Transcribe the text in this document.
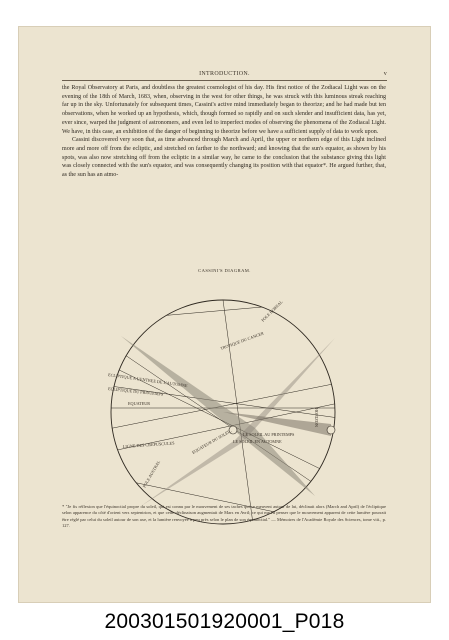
INTRODUCTION.	v

the Royal Observatory at Paris, and doubtless the greatest cosmologist of his day. His first notice of the Zodiacal Light was on the evening of the 18th of March, 1683, when, observing in the west for other things, he was struck with this luminous streak reaching far up in the sky. Unfortunately for subsequent times, Cassini's active mind immediately began to theorize; and he had made but ten observations, when he worked up an hypothesis, which, though formed so rapidly and on such slender and insufficient data, has yet, ever since, warped the judgment of astronomers, and even led to imperfect modes of observing the phenomena of the Zodiacal Light. We have, in this case, an exhibition of the danger of beginning to theorize before we have a sufficient supply of data to work upon.

Cassini discovered very soon that, as time advanced through March and April, the upper or northern edge of this Light inclined more and more off from the ecliptic, and stretched on farther to the northward; and knowing that the sun's equator, as shown by his spots, was also now stretching off from the ecliptic in a similar way, he came to the conclusion that the substance giving this light was closely connected with the sun's equator, and was consequently changing its position with that equator*. He argued further, that, as the sun has an atmo-

CASSINI'S DIAGRAM.
POLE BOREAL
TROPIQUE DU CANCER
ECLIPTIQUE A L'ENTREE DE L'AUTOMNE
ECLIPTIQUE DU PRINTEMPS
EQUATEUR
HORIZON
LE SOLEIL AU PRINTEMPS
LE SOLEIL EN AUTOMNE
LIGNE DES CREPUSCULES	EQUATEUR DU SOLEIL
POLE AUSTRAL

* "Je fis réflexion que l'équinoctial propre du soleil, qui est connu par le mouvement de ses taches qui se meuvent autour de lui, déclinait alors (March and April) de l'écliptique selon apparence du côté d'orient vers septentrion, et que cette déclinaison augmentait de Mars en Avril; ce qui me fit penser que le mouvement apparent de cette lumière pourrait être réglé par celui du soleil autour de son axe, et la lumière renvoyée à peu près selon le plan de son équinoctial." — Mémoires de l'Académie Royale des Sciences, tome viii., p. 127.

200301501920001_P018
